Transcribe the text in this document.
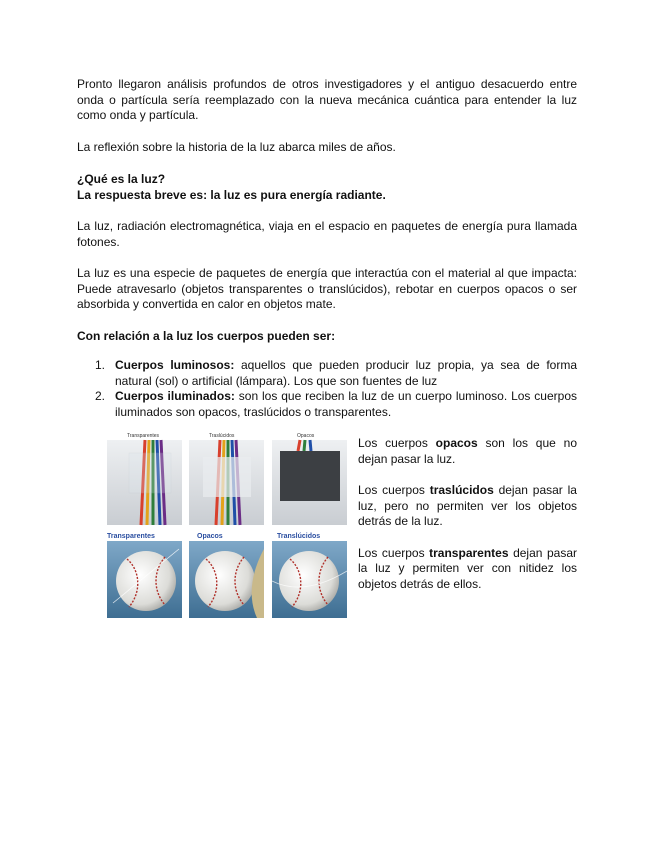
Pronto llegaron análisis profundos de otros investigadores y el antiguo desacuerdo entre onda o partícula sería reemplazado con la nueva mecánica cuántica para entender la luz como onda y partícula.

La reflexión sobre la historia de la luz abarca miles de años.

¿Qué es la luz?

La respuesta breve es: la luz es pura energía radiante.

La luz, radiación electromagnética, viaja en el espacio en paquetes de energía pura llamada fotones.

La luz es una especie de paquetes de energía que interactúa con el material al que impacta: Puede atravesarlo (objetos transparentes o translúcidos), rebotar en cuerpos opacos o ser absorbida y convertida en calor en objetos mate.

Con relación a la luz los cuerpos pueden ser:

1. Cuerpos luminosos: aquellos que pueden producir luz propia, ya sea de forma natural (sol) o artificial (lámpara). Los que son fuentes de luz
2. Cuerpos iluminados: son los que reciben la luz de un cuerpo luminoso. Los cuerpos iluminados son opacos, traslúcidos o transparentes.
Transparentes	Traslúcidos	Opacos
Transparentes	Opacos	Translúcidos

Los cuerpos opacos son los que no dejan pasar la luz.

Los cuerpos traslúcidos dejan pasar la luz, pero no permiten ver los objetos detrás de la luz.

Los cuerpos transparentes dejan pasar la luz y permiten ver con nitidez los objetos detrás de ellos.
